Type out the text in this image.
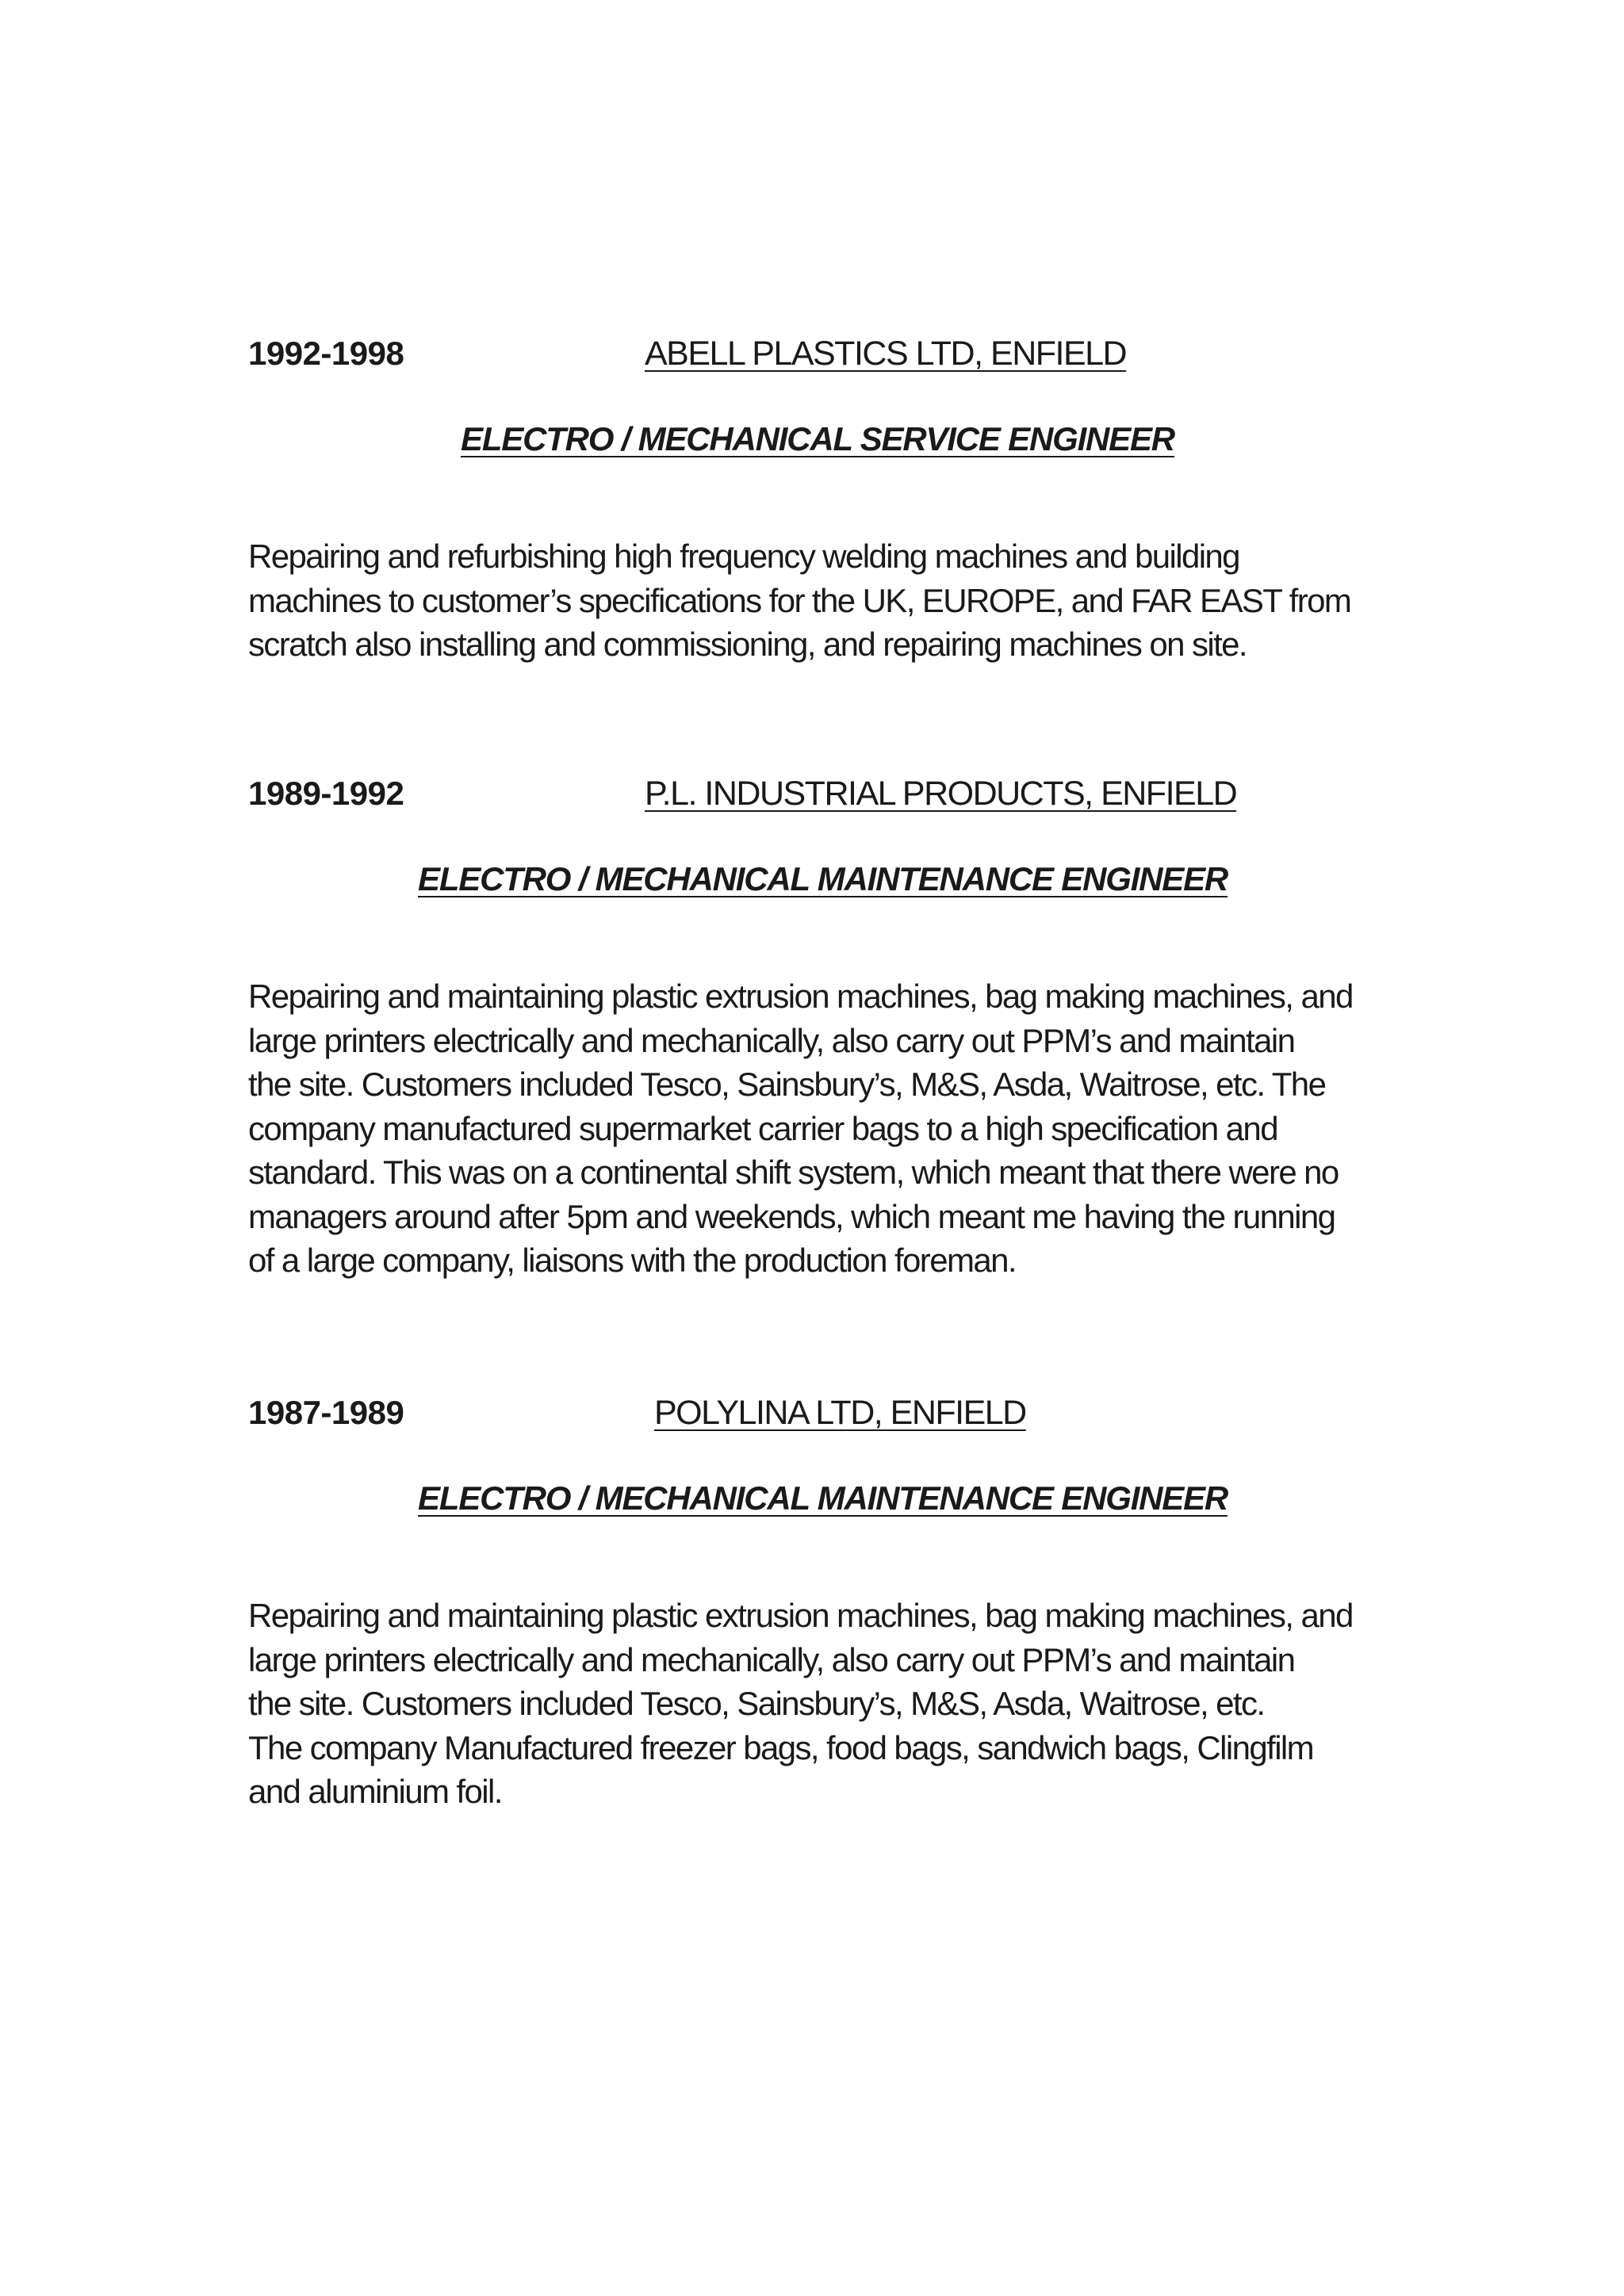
1992-1998	ABELL PLASTICS LTD, ENFIELD
ELECTRO / MECHANICAL SERVICE ENGINEER

Repairing and refurbishing high frequency welding machines and building
machines to customer’s specifications for the UK, EUROPE, and FAR EAST from
scratch also installing and commissioning, and repairing machines on site.

1989-1992	P.L. INDUSTRIAL PRODUCTS, ENFIELD
ELECTRO / MECHANICAL MAINTENANCE ENGINEER

Repairing and maintaining plastic extrusion machines, bag making machines, and
large printers electrically and mechanically, also carry out PPM’s and maintain
the site. Customers included Tesco, Sainsbury’s, M&S, Asda, Waitrose, etc. The
company manufactured supermarket carrier bags to a high specification and
standard. This was on a continental shift system, which meant that there were no
managers around after 5pm and weekends, which meant me having the running
of a large company, liaisons with the production foreman.

1987-1989	POLYLINA LTD, ENFIELD
ELECTRO / MECHANICAL MAINTENANCE ENGINEER

Repairing and maintaining plastic extrusion machines, bag making machines, and
large printers electrically and mechanically, also carry out PPM’s and maintain
the site. Customers included Tesco, Sainsbury’s, M&S, Asda, Waitrose, etc.
The company Manufactured freezer bags, food bags, sandwich bags, Clingfilm
and aluminium foil.
